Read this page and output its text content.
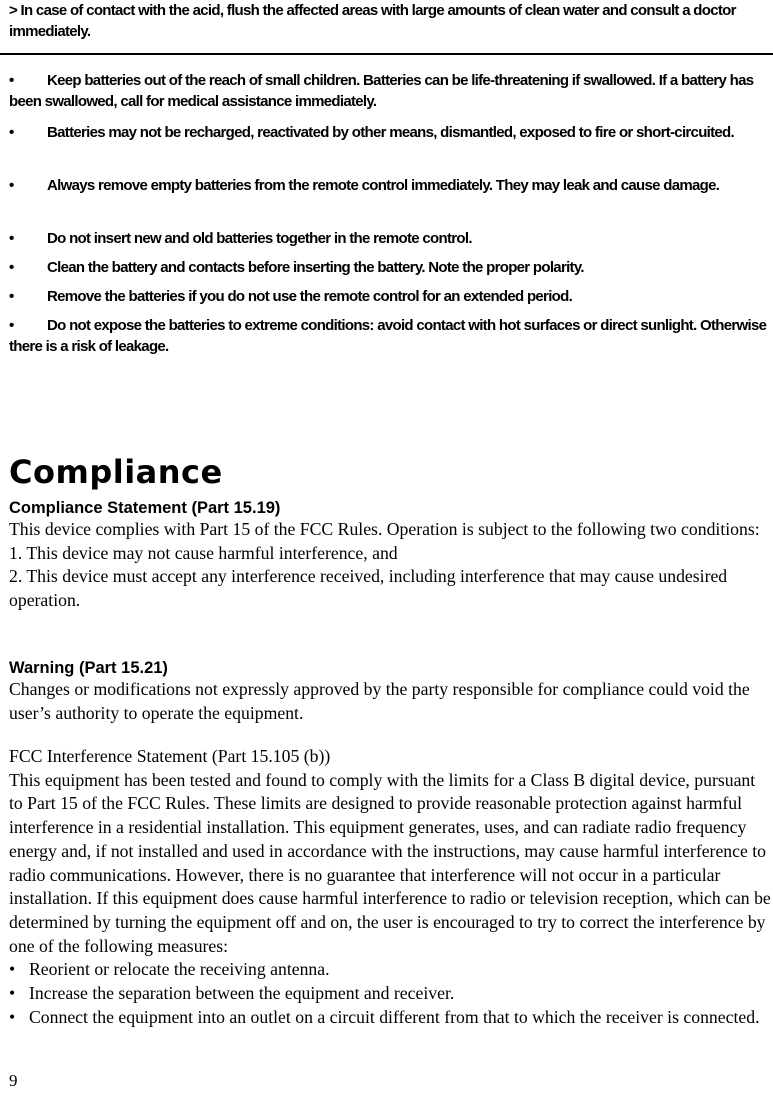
> In case of contact with the acid, flush the affected areas with large amounts of clean water and consult a doctor immediately.
• Keep batteries out of the reach of small children. Batteries can be life-threatening if swallowed. If a battery has been swallowed, call for medical assistance immediately.
• Batteries may not be recharged, reactivated by other means, dismantled, exposed to fire or short-circuited.
• Always remove empty batteries from the remote control immediately. They may leak and cause damage.
• Do not insert new and old batteries together in the remote control.
• Clean the battery and contacts before inserting the battery. Note the proper polarity.
• Remove the batteries if you do not use the remote control for an extended period.
• Do not expose the batteries to extreme conditions: avoid contact with hot surfaces or direct sunlight. Otherwise there is a risk of leakage.
Compliance
Compliance Statement (Part 15.19)

This device complies with Part 15 of the FCC Rules. Operation is subject to the following two conditions:

1. This device may not cause harmful interference, and

2. This device must accept any interference received, including interference that may cause undesired operation.

Warning (Part 15.21)
Changes or modifications not expressly approved by the party responsible for compliance could void the user’s authority to operate the equipment.

FCC Interference Statement (Part 15.105 (b))

This equipment has been tested and found to comply with the limits for a Class B digital device, pursuant to Part 15 of the FCC Rules. These limits are designed to provide reasonable protection against harmful interference in a residential installation. This equipment generates, uses, and can radiate radio frequency energy and, if not installed and used in accordance with the instructions, may cause harmful interference to radio communications. However, there is no guarantee that interference will not occur in a particular installation. If this equipment does cause harmful interference to radio or television reception, which can be determined by turning the equipment off and on, the user is encouraged to try to correct the interference by one of the following measures:

• Reorient or relocate the receiving antenna.

• Increase the separation between the equipment and receiver.

• Connect the equipment into an outlet on a circuit different from that to which the receiver is connected.

9
